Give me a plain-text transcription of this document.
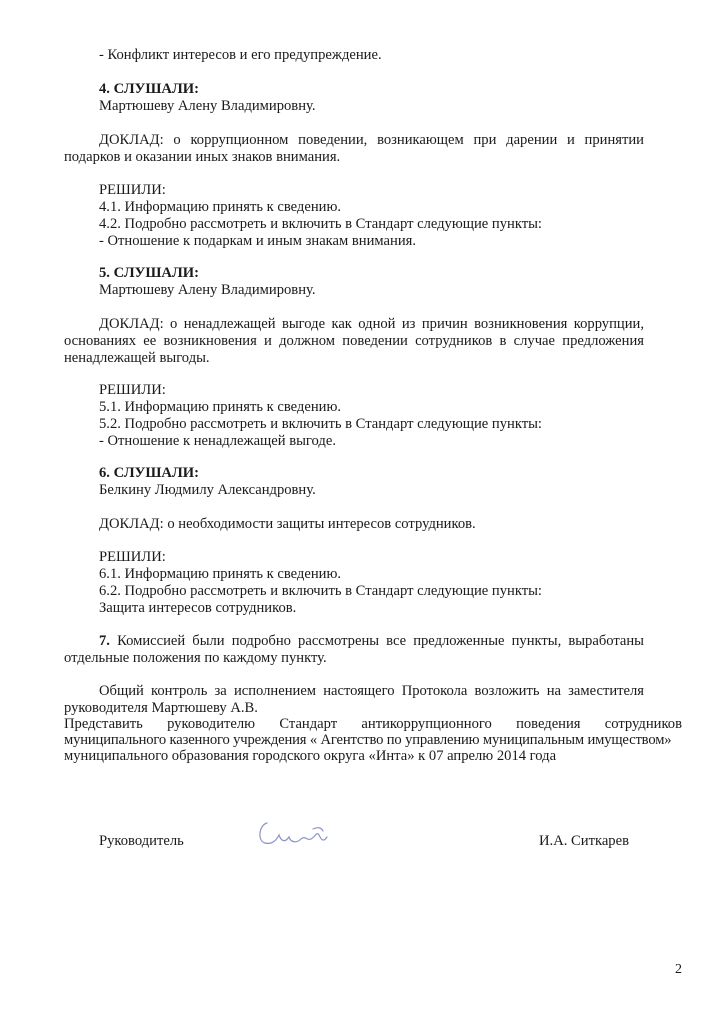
- Конфликт интересов и его предупреждение.
4. СЛУШАЛИ:
Мартюшеву Алену Владимировну.
ДОКЛАД: о коррупционном поведении, возникающем при дарении и принятии
подарков и оказании иных знаков внимания.
РЕШИЛИ:
4.1. Информацию принять к сведению.
4.2. Подробно рассмотреть и включить в Стандарт следующие пункты:
- Отношение к подаркам и иным знакам внимания.
5. СЛУШАЛИ:
Мартюшеву Алену Владимировну.
ДОКЛАД: о ненадлежащей выгоде как одной из причин возникновения коррупции,
основаниях ее возникновения и должном поведении сотрудников в случае предложения
ненадлежащей выгоды.
РЕШИЛИ:
5.1. Информацию принять к сведению.
5.2. Подробно рассмотреть и включить в Стандарт следующие пункты:
- Отношение к ненадлежащей выгоде.
6. СЛУШАЛИ:
Белкину Людмилу Александровну.
ДОКЛАД: о необходимости защиты интересов сотрудников.
РЕШИЛИ:
6.1. Информацию принять к сведению.
6.2. Подробно рассмотреть и включить в Стандарт следующие пункты:
Защита интересов сотрудников.
7. Комиссией были подробно рассмотрены все предложенные пункты, выработаны
отдельные положения по каждому пункту.
Общий контроль за исполнением настоящего Протокола возложить на заместителя
руководителя Мартюшеву А.В.
Представить    руководителю    Стандарт    антикоррупционного    поведения    сотрудников
муниципального казенного учреждения « Агентство по управлению муниципальным имуществом»
муниципального образования городского округа «Инта» к 07 апрелю 2014 года
Руководитель	И.А. Ситкарев
2
